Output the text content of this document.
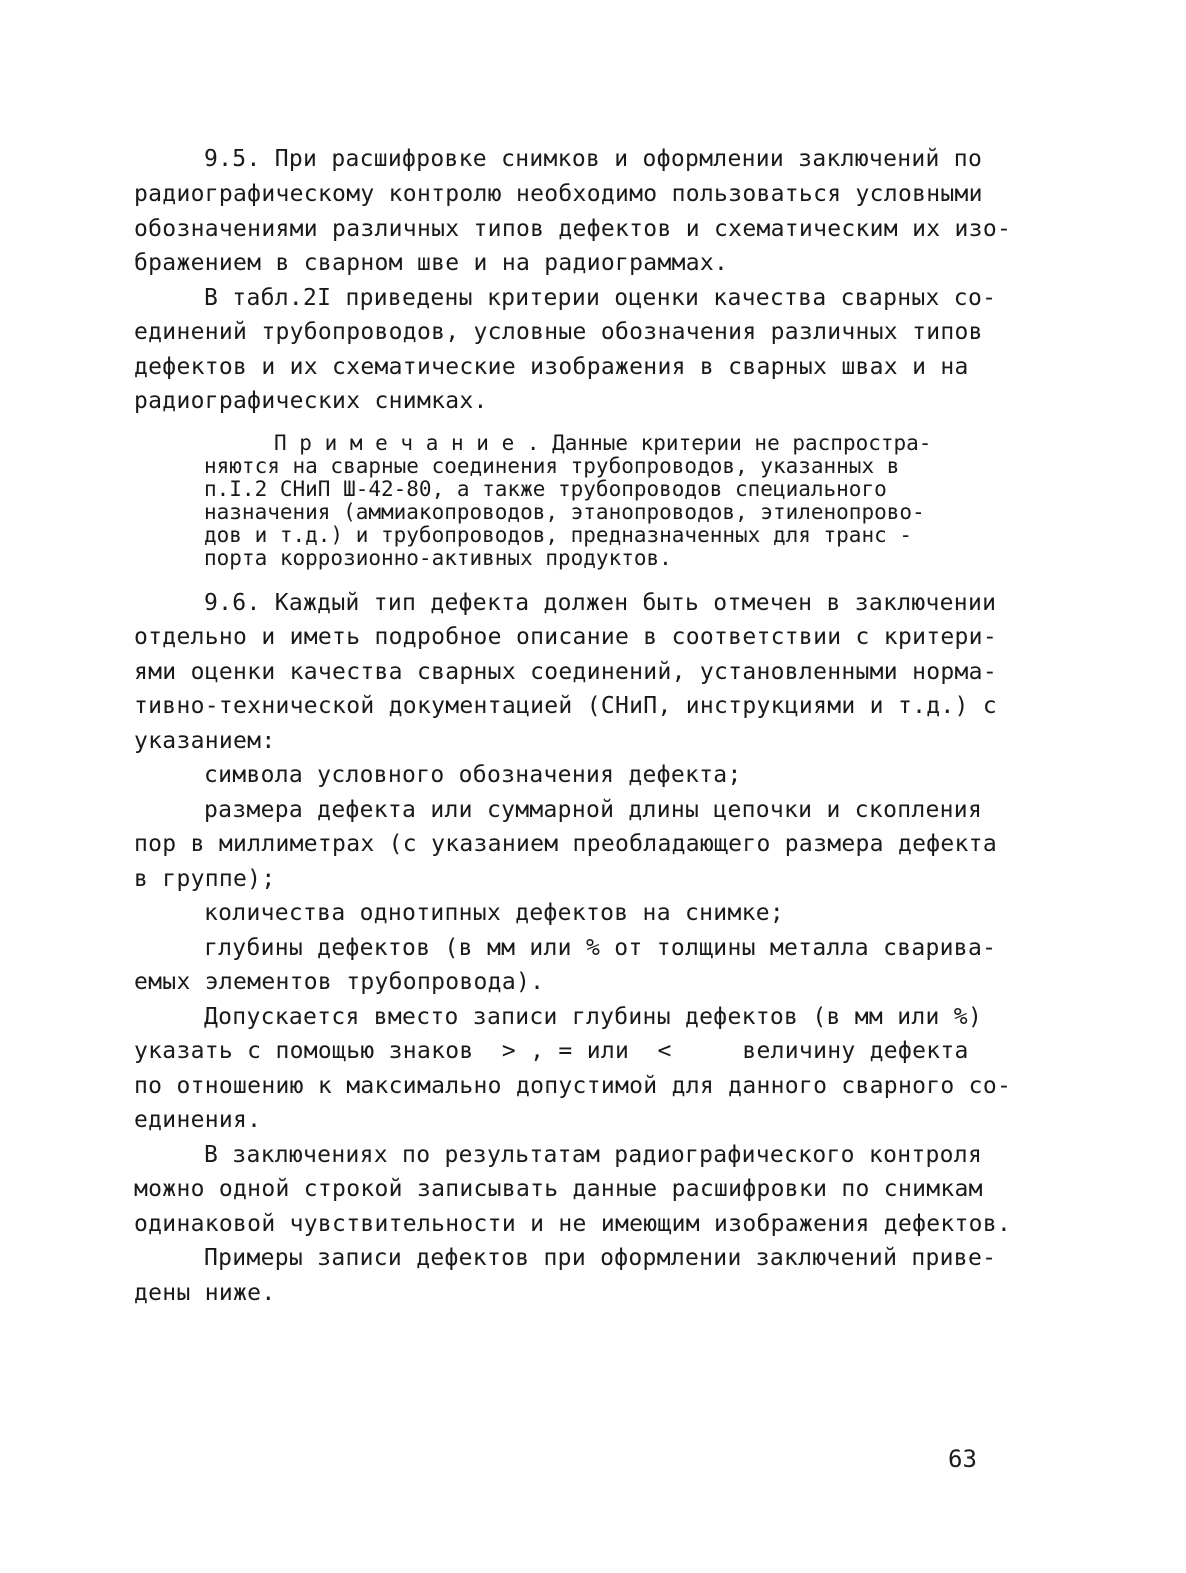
9.5. При расшифровке снимков и оформлении заключений по
радиографическому контролю необходимо пользоваться условными
обозначениями различных типов дефектов и схематическим их изо-
бражением в сварном шве и на радиограммах.
В табл.2I приведены критерии оценки качества сварных со-
единений трубопроводов, условные обозначения различных типов
дефектов и их схематические изображения в сварных швах и на
радиографических снимках.
П р и м е ч а н и е . Данные критерии не распростра-
няются на сварные соединения трубопроводов, указанных в
п.I.2 СНиП Ш-42-80, а также трубопроводов специального
назначения (аммиакопроводов, этанопроводов, этиленопрово-
дов и т.д.) и трубопроводов, предназначенных для транс -
порта коррозионно-активных продуктов.
9.6. Каждый тип дефекта должен быть отмечен в заключении
отдельно и иметь подробное описание в соответствии с критери-
ями оценки качества сварных соединений, установленными норма-
тивно-технической документацией (СНиП, инструкциями и т.д.) с
указанием:
символа условного обозначения дефекта;
размера дефекта или суммарной длины цепочки и скопления
пор в миллиметрах (с указанием преобладающего размера дефекта
в группе);
количества однотипных дефектов на снимке;
глубины дефектов (в мм или % от толщины металла сварива-
емых элементов трубопровода).
Допускается вместо записи глубины дефектов (в мм или %)
указать с помощью знаков  > , = или  <     величину дефекта
по отношению к максимально допустимой для данного сварного со-
единения.
В заключениях по результатам радиографического контроля
можно одной строкой записывать данные расшифровки по снимкам
одинаковой чувствительности и не имеющим изображения дефектов.
Примеры записи дефектов при оформлении заключений приве-
дены ниже.
63
